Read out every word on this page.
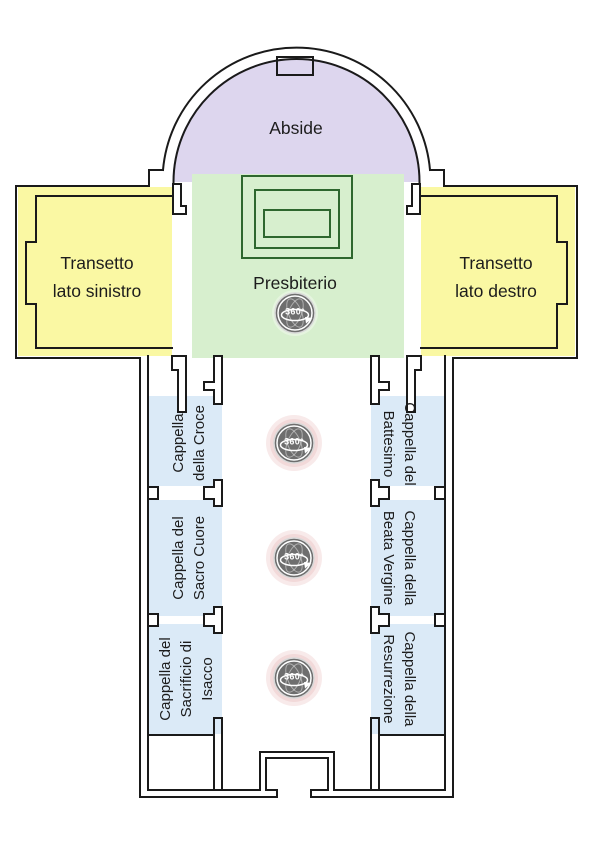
Abside
Presbiterio
Transetto
lato sinistro
Transetto
lato destro
Cappella della Croce
Cappella del Sacro Cuore
Cappella del Sacrificio di Isacco
Cappella del
Battesimo
Cappella della
Beata Vergine
Cappella della
Resurrezione
360°
360°
360°
360°
